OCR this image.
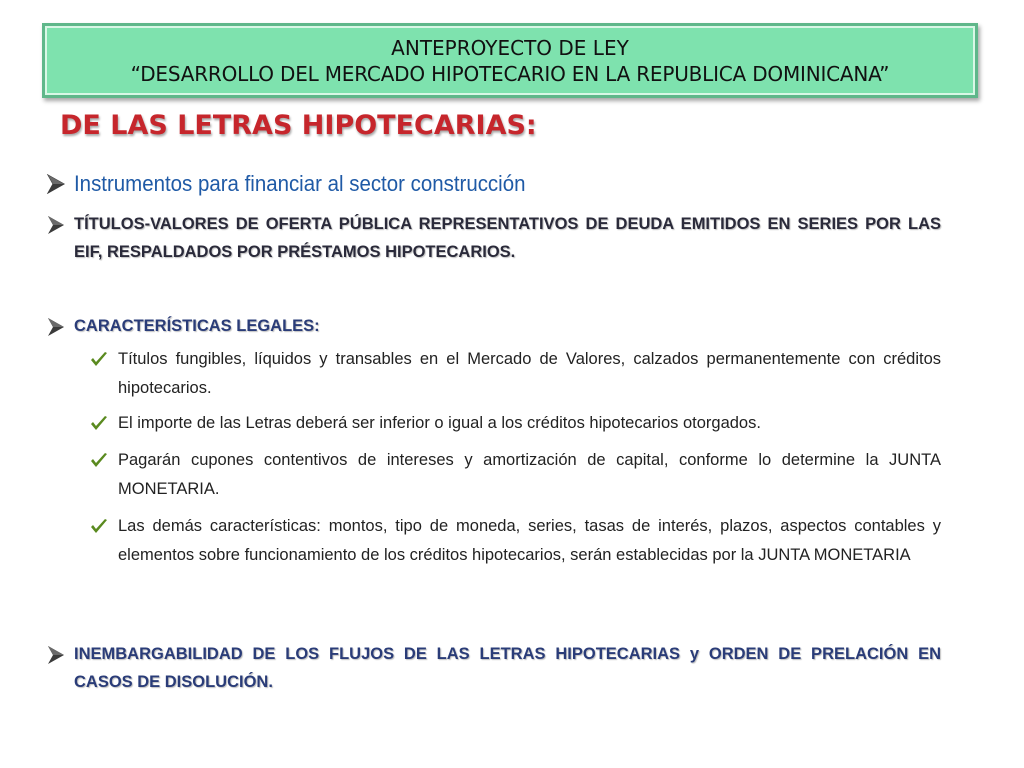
ANTEPROYECTO DE LEY
“DESARROLLO DEL MERCADO HIPOTECARIO EN LA REPUBLICA DOMINICANA”
DE LAS LETRAS HIPOTECARIAS:
Instrumentos para financiar al sector construcción
TÍTULOS-VALORES DE OFERTA PÚBLICA REPRESENTATIVOS DE DEUDA EMITIDOS EN SERIES POR LAS EIF, RESPALDADOS POR PRÉSTAMOS HIPOTECARIOS.
CARACTERÍSTICAS LEGALES:
Títulos fungibles, líquidos y transables en el Mercado de Valores, calzados permanentemente con créditos hipotecarios.
El importe de las Letras deberá ser inferior o igual a los créditos hipotecarios otorgados.
Pagarán cupones contentivos de intereses y amortización de capital, conforme lo determine la JUNTA MONETARIA.
Las demás características: montos, tipo de moneda, series, tasas de interés, plazos, aspectos contables y elementos sobre funcionamiento de los créditos hipotecarios, serán establecidas por la JUNTA MONETARIA
INEMBARGABILIDAD DE LOS FLUJOS DE LAS LETRAS HIPOTECARIAS y ORDEN DE PRELACIÓN EN CASOS DE DISOLUCIÓN.
